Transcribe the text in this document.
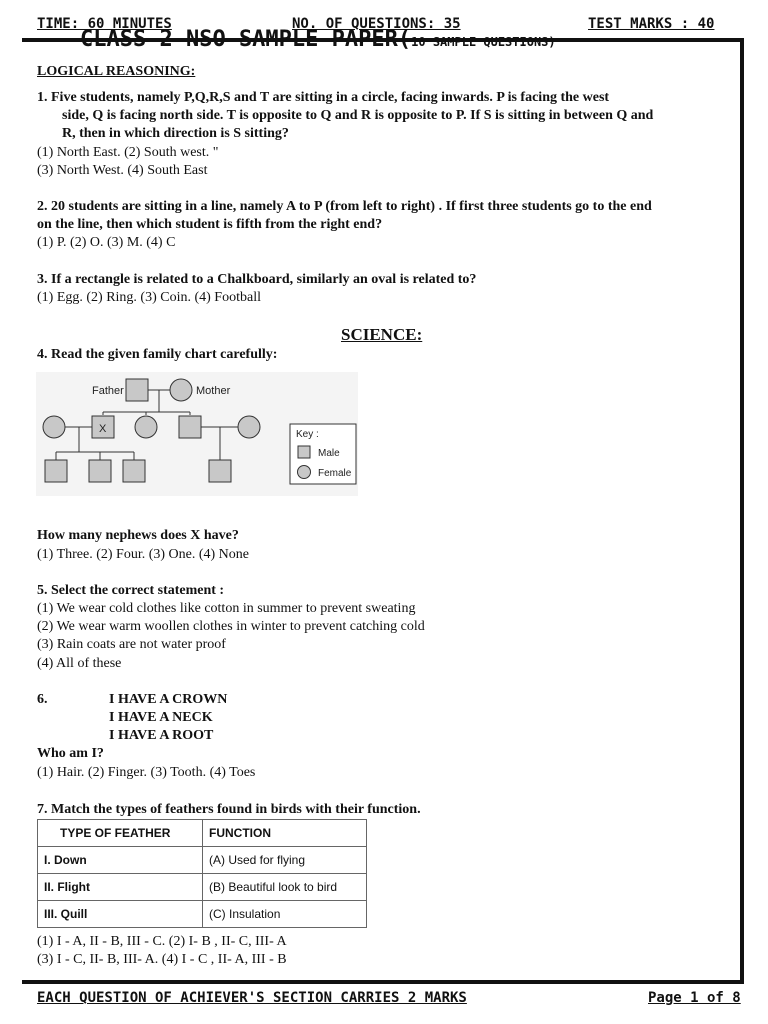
TIME: 60 MINUTES	NO. OF QUESTIONS: 35	TEST MARKS : 40
CLASS 2 NSO SAMPLE PAPER(10 SAMPLE QUESTIONS)
LOGICAL REASONING:
1. Five students, namely P,Q,R,S and T are sitting in a circle, facing inwards. P is facing the west
side, Q is facing north side. T is opposite to Q and R is opposite to P. If S is sitting in between Q and
R, then in which direction is S sitting?
(1) North East. (2) South west. "
(3) North West. (4) South East
2. 20 students are sitting in a line, namely A to P (from left to right) . If first three students go to the end
on the line, then which student is fifth from the right end?
(1) P. (2) O. (3) M. (4) C
3. If a rectangle is related to a Chalkboard, similarly an oval is related to?
(1) Egg. (2) Ring. (3) Coin. (4) Football
SCIENCE:
4. Read the given family chart carefully:
Father	Mother
X	Key :
Male
Female
How many nephews does X have?
(1) Three. (2) Four. (3) One. (4) None
5. Select the correct statement :
(1) We wear cold clothes like cotton in summer to prevent sweating
(2) We wear warm woollen clothes in winter to prevent catching cold
(3) Rain coats are not water proof
(4) All of these
6.	I HAVE A CROWN
I HAVE A NECK
I HAVE A ROOT
Who am I?
(1) Hair. (2) Finger. (3) Tooth. (4) Toes
7. Match the types of feathers found in birds with their function.
TYPE OF FEATHER	FUNCTION
I. Down	(A) Used for flying
II. Flight	(B) Beautiful look to bird
III. Quill	(C) Insulation
(1) I - A, II - B, III - C. (2) I- B , II- C, III- A
(3) I - C, II- B, III- A. (4) I - C , II- A, III - B
EACH QUESTION OF ACHIEVER'S SECTION CARRIES 2 MARKS	Page 1 of 8
